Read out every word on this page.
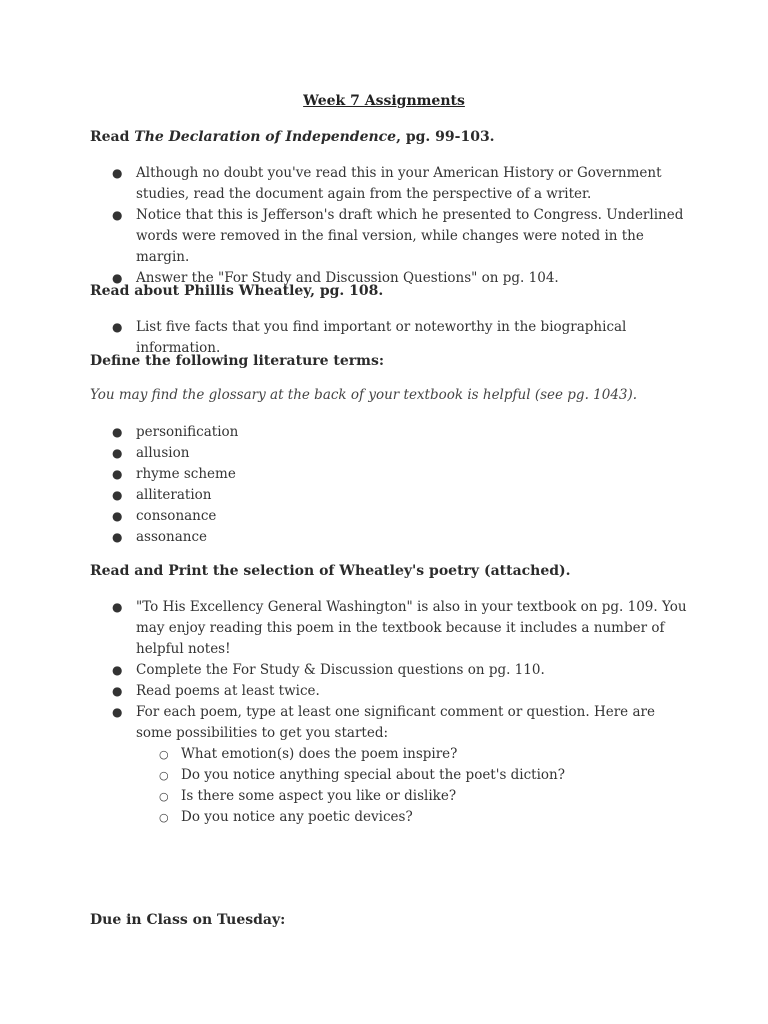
Week 7 Assignments
Read The Declaration of Independence, pg. 99-103.
● Although no doubt you've read this in your American History or Government studies, read the document again from the perspective of a writer.
● Notice that this is Jefferson's draft which he presented to Congress. Underlined words were removed in the final version, while changes were noted in the margin.
● Answer the "For Study and Discussion Questions" on pg. 104.
Read about Phillis Wheatley, pg. 108.
● List five facts that you find important or noteworthy in the biographical information.
Define the following literature terms:
You may find the glossary at the back of your textbook is helpful (see pg. 1043).
● personification
● allusion
● rhyme scheme
● alliteration
● consonance
● assonance
Read and Print the selection of Wheatley's poetry (attached).
● "To His Excellency General Washington" is also in your textbook on pg. 109. You may enjoy reading this poem in the textbook because it includes a number of helpful notes!
● Complete the For Study & Discussion questions on pg. 110.
● Read poems at least twice.
● For each poem, type at least one significant comment or question. Here are some possibilities to get you started:
○ What emotion(s) does the poem inspire?
○ Do you notice anything special about the poet's diction?
○ Is there some aspect you like or dislike?
○ Do you notice any poetic devices?
Due in Class on Tuesday:
